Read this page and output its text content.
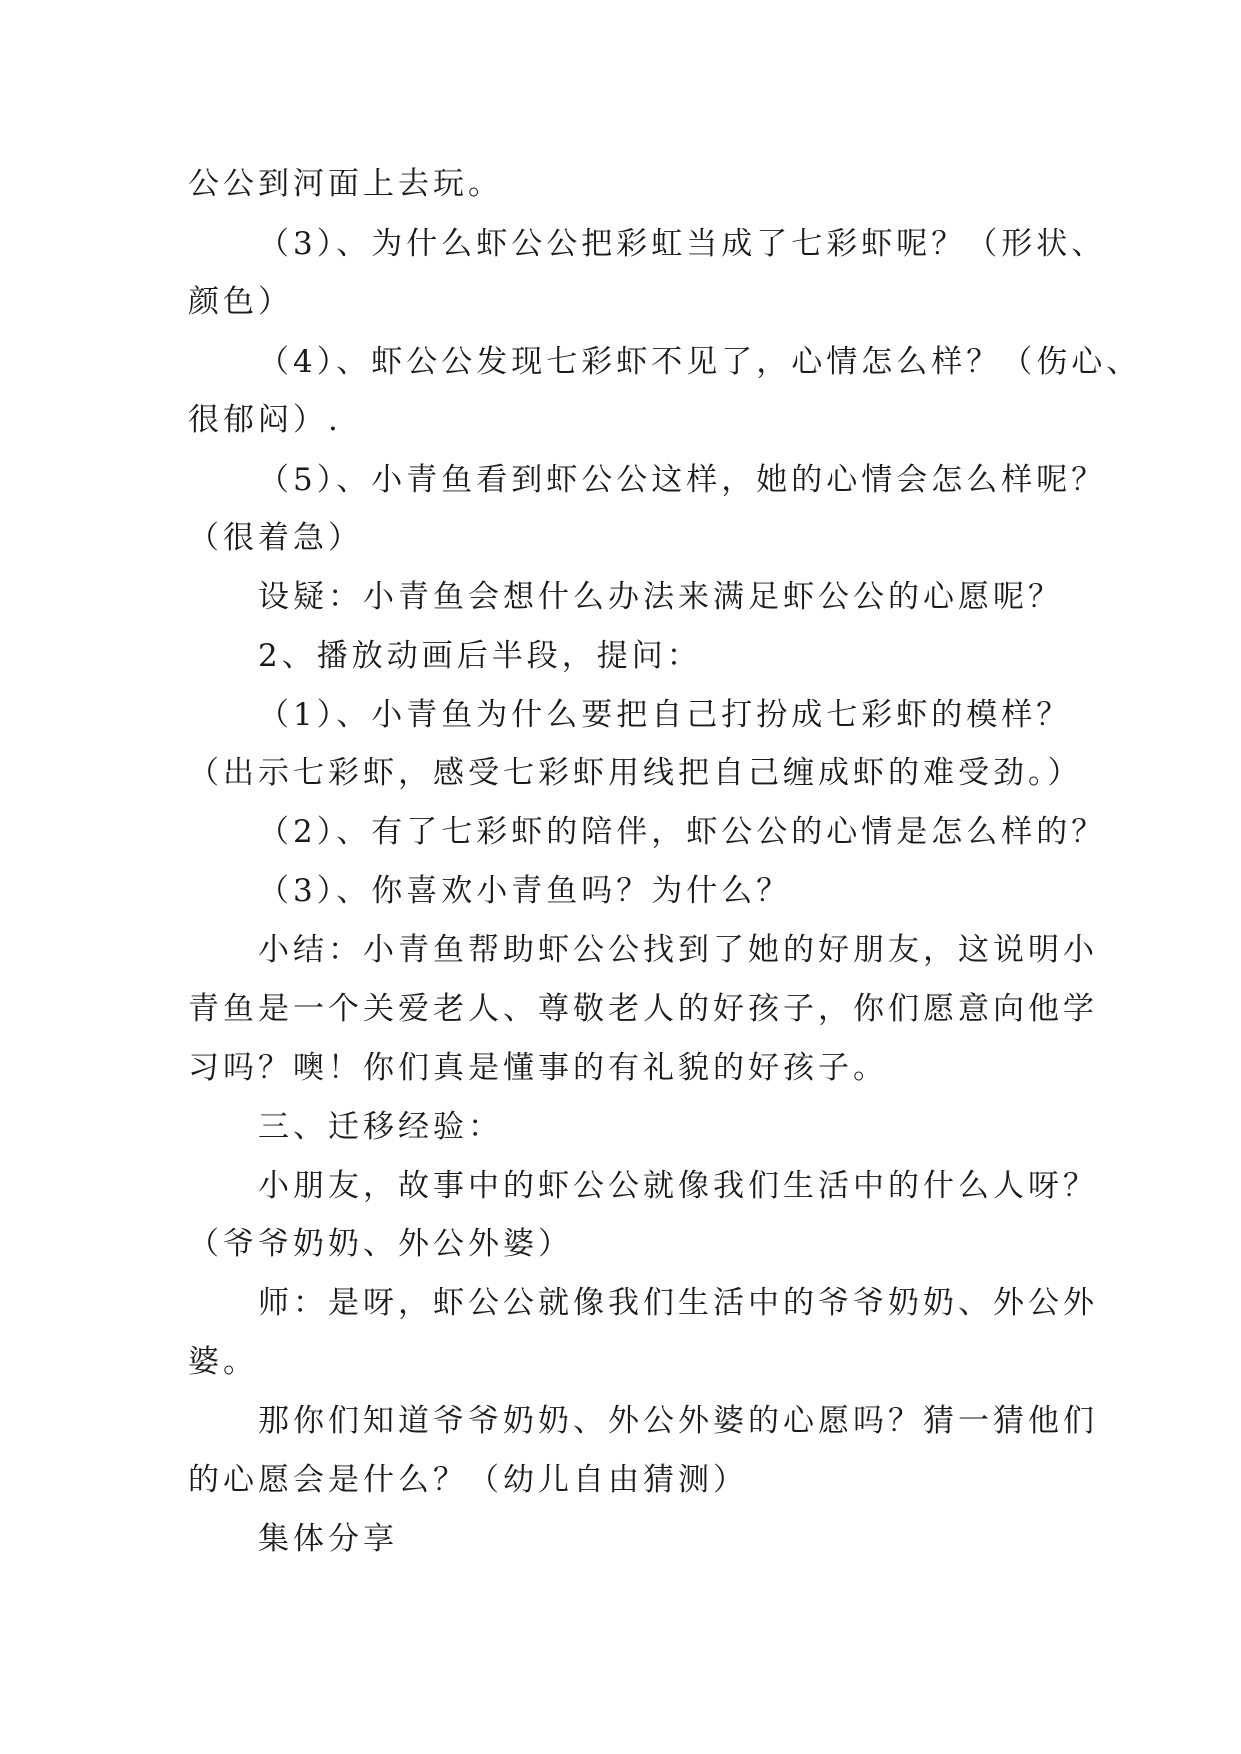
公公到河面上去玩。

（3）、为什么虾公公把彩虹当成了七彩虾呢？（形状、

颜色）

（4）、虾公公发现七彩虾不见了，心情怎么样？（伤心、

很郁闷）.

（5）、小青鱼看到虾公公这样，她的心情会怎么样呢？

（很着急）

设疑：小青鱼会想什么办法来满足虾公公的心愿呢？

2、播放动画后半段，提问：

（1）、小青鱼为什么要把自己打扮成七彩虾的模样？

（出示七彩虾，感受七彩虾用线把自己缠成虾的难受劲。）

（2）、有了七彩虾的陪伴，虾公公的心情是怎么样的？

（3）、你喜欢小青鱼吗？为什么？

小结：小青鱼帮助虾公公找到了她的好朋友，这说明小

青鱼是一个关爱老人、尊敬老人的好孩子，你们愿意向他学

习吗？噢！你们真是懂事的有礼貌的好孩子。

三、迁移经验：

小朋友，故事中的虾公公就像我们生活中的什么人呀？

（爷爷奶奶、外公外婆）

师：是呀，虾公公就像我们生活中的爷爷奶奶、外公外

婆。

那你们知道爷爷奶奶、外公外婆的心愿吗？猜一猜他们

的心愿会是什么？（幼儿自由猜测）

集体分享
